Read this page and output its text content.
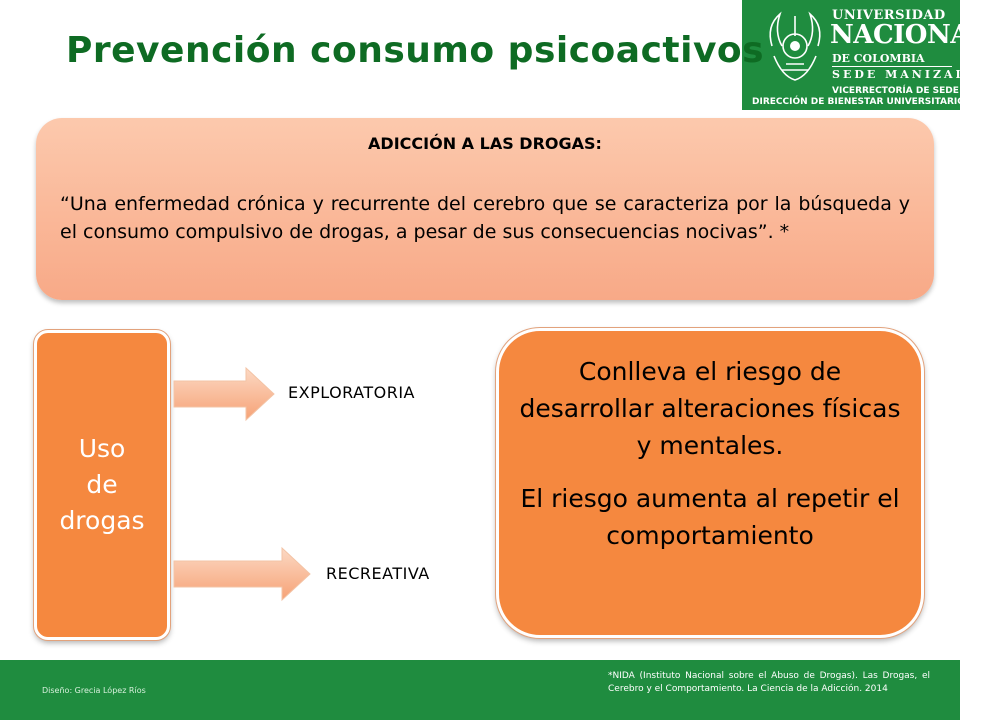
Prevención consumo psicoactivos
UNIVERSIDAD
NACIONAL
DE COLOMBIA
SEDE MANIZALES
VICERRECTORÍA DE SEDE
DIRECCIÓN DE BIENESTAR UNIVERSITARIO
ADICCIÓN A LAS DROGAS:
“Una enfermedad crónica y recurrente del cerebro que se caracteriza por la búsqueda y el consumo compulsivo de drogas, a pesar de sus consecuencias nocivas”. *
Uso
de
drogas
EXPLORATORIA
RECREATIVA

Conlleva el riesgo de desarrollar alteraciones físicas y mentales.

El riesgo aumenta al repetir el comportamiento

Diseño: Grecia López Ríos
*NIDA (Instituto Nacional sobre el Abuso de Drogas). Las Drogas, el Cerebro y el Comportamiento. La Ciencia de la Adicción. 2014
